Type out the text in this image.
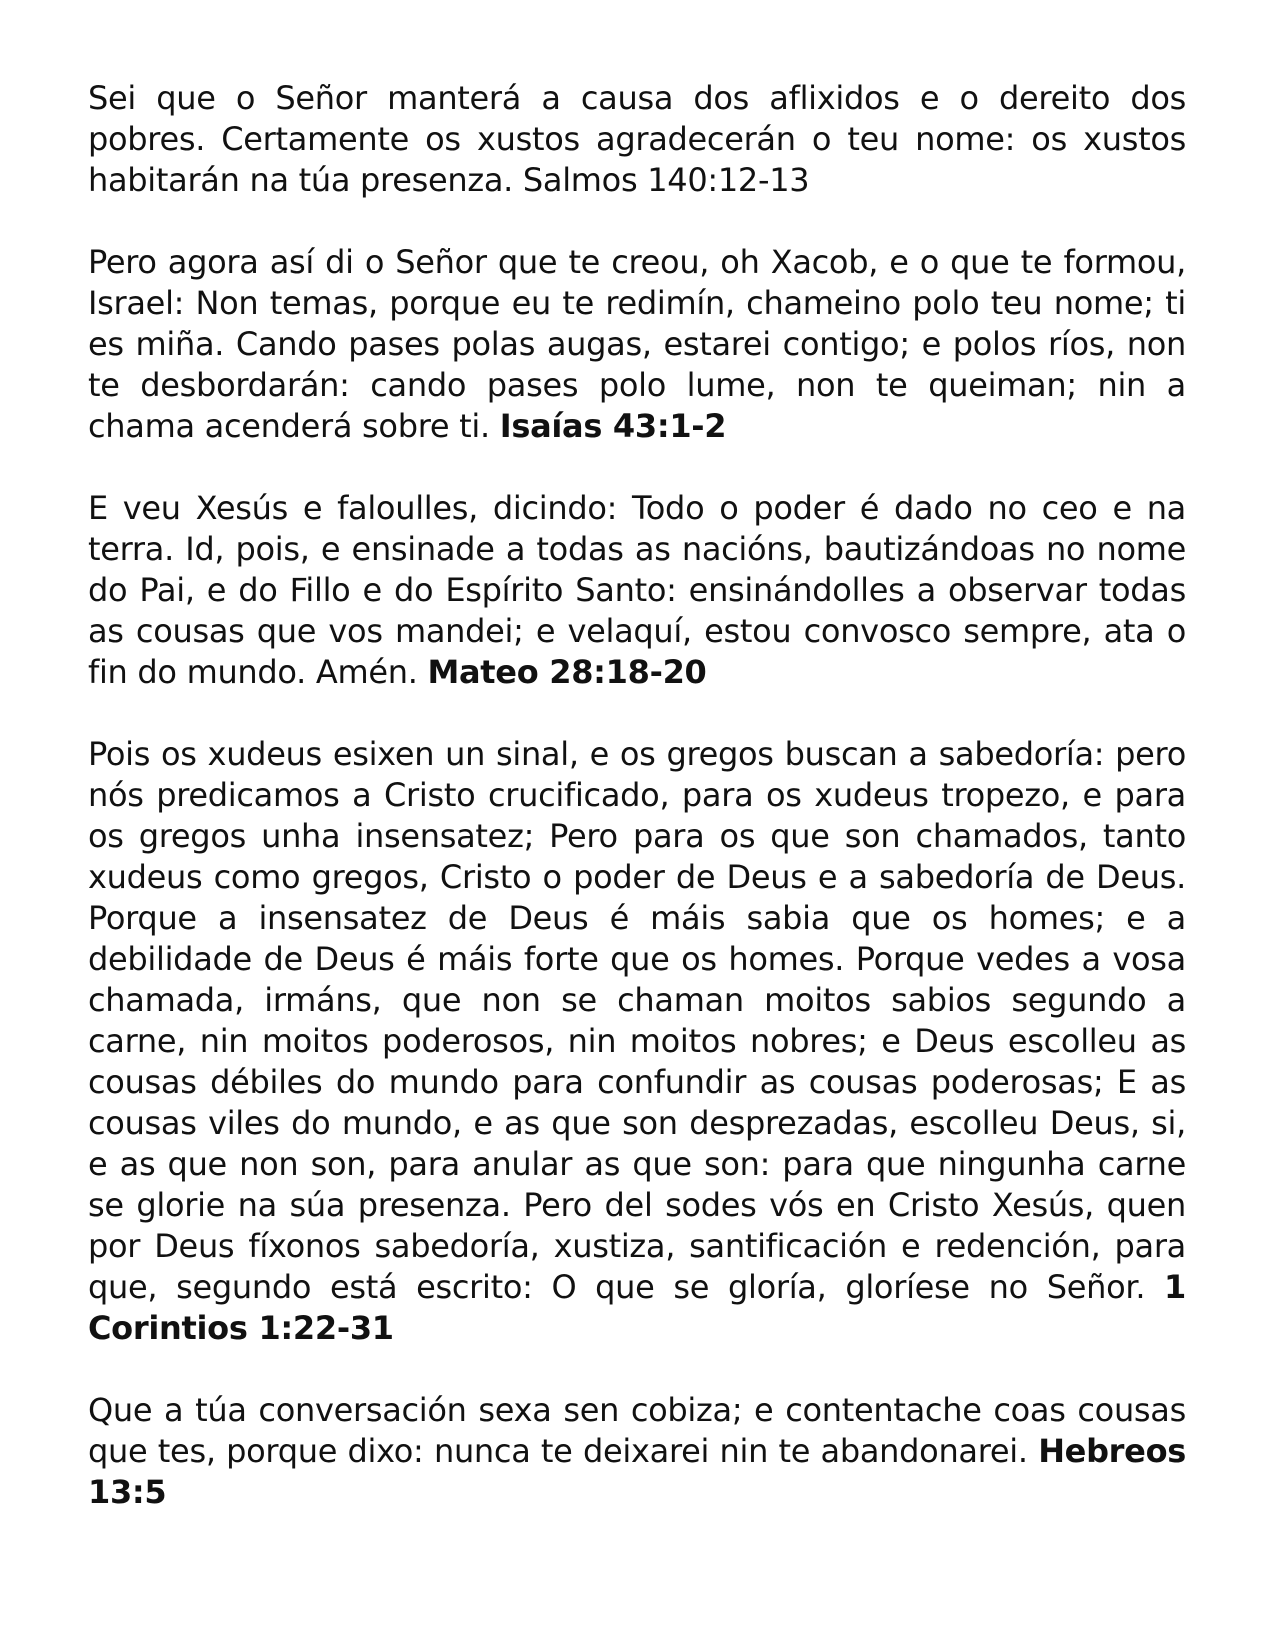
Sei que o Señor manterá a causa dos aflixidos e o dereito dos pobres. Certamente os xustos agradecerán o teu nome: os xustos habitarán na túa presenza. Salmos 140:12-13

Pero agora así di o Señor que te creou, oh Xacob, e o que te formou, Israel: Non temas, porque eu te redimín, chameino polo teu nome; ti es miña. Cando pases polas augas, estarei contigo; e polos ríos, non te desbordarán: cando pases polo lume, non te queiman; nin a chama acenderá sobre ti. Isaías 43:1-2

E veu Xesús e faloulles, dicindo: Todo o poder é dado no ceo e na terra. Id, pois, e ensinade a todas as nacións, bautizándoas no nome do Pai, e do Fillo e do Espírito Santo: ensinándolles a observar todas as cousas que vos mandei; e velaquí, estou convosco sempre, ata o fin do mundo. Amén. Mateo 28:18-20

Pois os xudeus esixen un sinal, e os gregos buscan a sabedoría: pero nós predicamos a Cristo crucificado, para os xudeus tropezo, e para os gregos unha insensatez; Pero para os que son chamados, tanto xudeus como gregos, Cristo o poder de Deus e a sabedoría de Deus. Porque a insensatez de Deus é máis sabia que os homes; e a debilidade de Deus é máis forte que os homes. Porque vedes a vosa chamada, irmáns, que non se chaman moitos sabios segundo a carne, nin moitos poderosos, nin moitos nobres; e Deus escolleu as cousas débiles do mundo para confundir as cousas poderosas; E as cousas viles do mundo, e as que son desprezadas, escolleu Deus, si, e as que non son, para anular as que son: para que ningunha carne se glorie na súa presenza. Pero del sodes vós en Cristo Xesús, quen por Deus fíxonos sabedoría, xustiza, santificación e redención, para que, segundo está escrito: O que se gloría, gloríese no Señor. 1 Corintios 1:22-31

Que a túa conversación sexa sen cobiza; e contentache coas cousas que tes, porque dixo: nunca te deixarei nin te abandonarei. Hebreos 13:5
